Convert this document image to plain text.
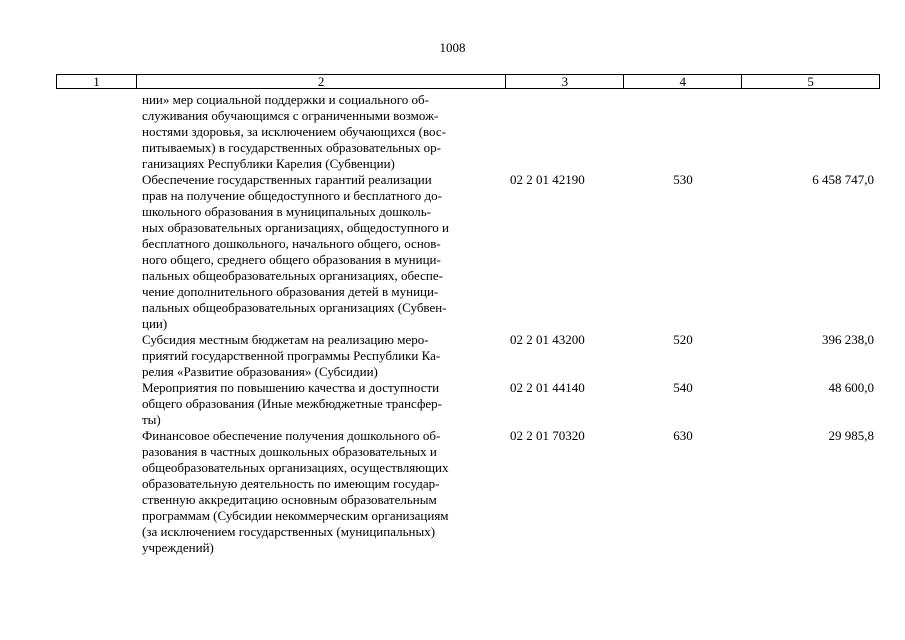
1008
1	2	3	4	5
нии» мер социальной поддержки и социального об-
служивания обучающимся с ограниченными возмож-
ностями здоровья, за исключением обучающихся (вос-
питываемых) в государственных образовательных ор-
ганизациях Республики Карелия (Субвенции)
Обеспечение государственных гарантий реализации
прав на получение общедоступного и бесплатного до-
школьного образования в муниципальных дошколь-
ных образовательных организациях, общедоступного и
бесплатного дошкольного, начального общего, основ-
ного общего, среднего общего образования в муници-
пальных общеобразовательных организациях, обеспе-
чение дополнительного образования детей в муници-
пальных общеобразовательных организациях (Субвен-
ции)
02 2 01 42190	530	6 458 747,0
Субсидия местным бюджетам на реализацию меро-
приятий государственной программы Республики Ка-
релия «Развитие образования» (Субсидии)
02 2 01 43200	520	396 238,0
Мероприятия по повышению качества и доступности
общего образования (Иные межбюджетные трансфер-
ты)
02 2 01 44140	540	48 600,0
Финансовое обеспечение получения дошкольного об-
разования в частных дошкольных образовательных и
общеобразовательных организациях, осуществляющих
образовательную деятельность по имеющим государ-
ственную аккредитацию основным образовательным
программам (Субсидии некоммерческим организациям
(за исключением государственных (муниципальных)
учреждений)
02 2 01 70320	630	29 985,8
